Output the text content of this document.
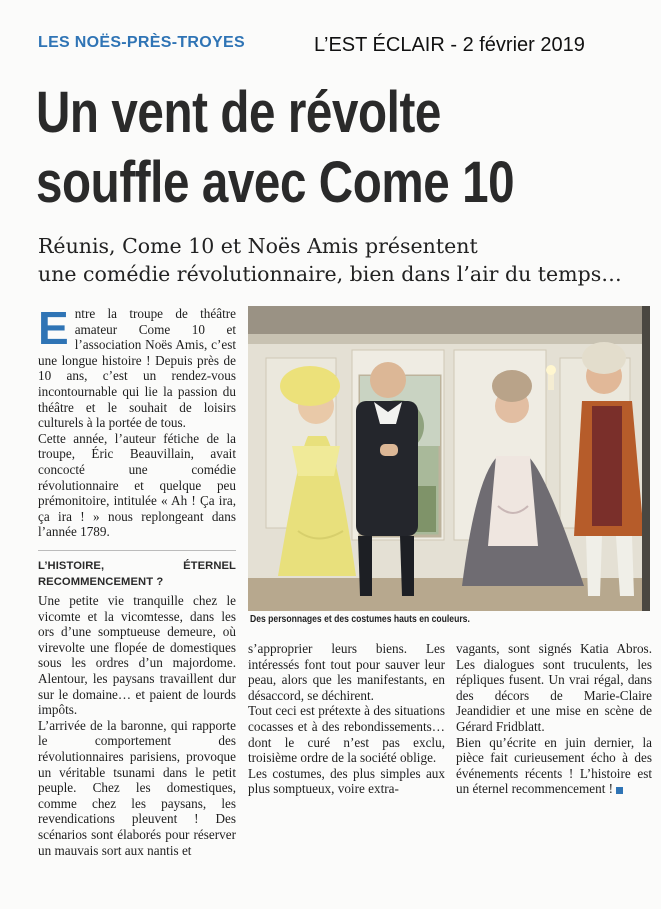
LES NOËS-PRÈS-TROYES	L’EST ÉCLAIR - 2 février 2019
Un vent de révolte
souffle avec Come 10
Réunis, Come 10 et Noës Amis présentent
une comédie révolutionnaire, bien dans l’air du temps…

Entre la troupe de théâtre amateur Come 10 et l’association Noës Amis, c’est une longue histoire ! Depuis près de 10 ans, c’est un rendez-vous incontournable qui lie la passion du théâtre et le souhait de loisirs culturels à la portée de tous.

Cette année, l’auteur fétiche de la troupe, Éric Beauvillain, avait concocté une comédie révolutionnaire et quelque peu prémonitoire, intitulée « Ah ! Ça ira, ça ira ! » nous replongeant dans l’année 1789.

L’HISTOIRE, ÉTERNEL RECOMMENCEMENT ?

Une petite vie tranquille chez le vicomte et la vicomtesse, dans les ors d’une somptueuse demeure, où virevolte une flopée de domestiques sous les ordres d’un majordome. Alentour, les paysans travaillent dur sur le domaine… et paient de lourds impôts.

L’arrivée de la baronne, qui rapporte le comportement des révolutionnaires parisiens, provoque un véritable tsunami dans le petit peuple. Chez les domestiques, comme chez les paysans, les revendications pleuvent ! Des scénarios sont élaborés pour réserver un mauvais sort aux nantis et

Des personnages et des costumes hauts en couleurs.

s’approprier leurs biens. Les intéressés font tout pour sauver leur peau, alors que les manifestants, en désaccord, se déchirent.

Tout ceci est prétexte à des situations cocasses et à des rebondissements… dont le curé n’est pas exclu, troisième ordre de la société oblige.

Les costumes, des plus simples aux plus somptueux, voire extra-

vagants, sont signés Katia Abros. Les dialogues sont truculents, les répliques fusent. Un vrai régal, dans des décors de Marie-Claire Jeandidier et une mise en scène de Gérard Fridblatt.

Bien qu’écrite en juin dernier, la pièce fait curieusement écho à des événements récents ! L’histoire est un éternel recommencement !
